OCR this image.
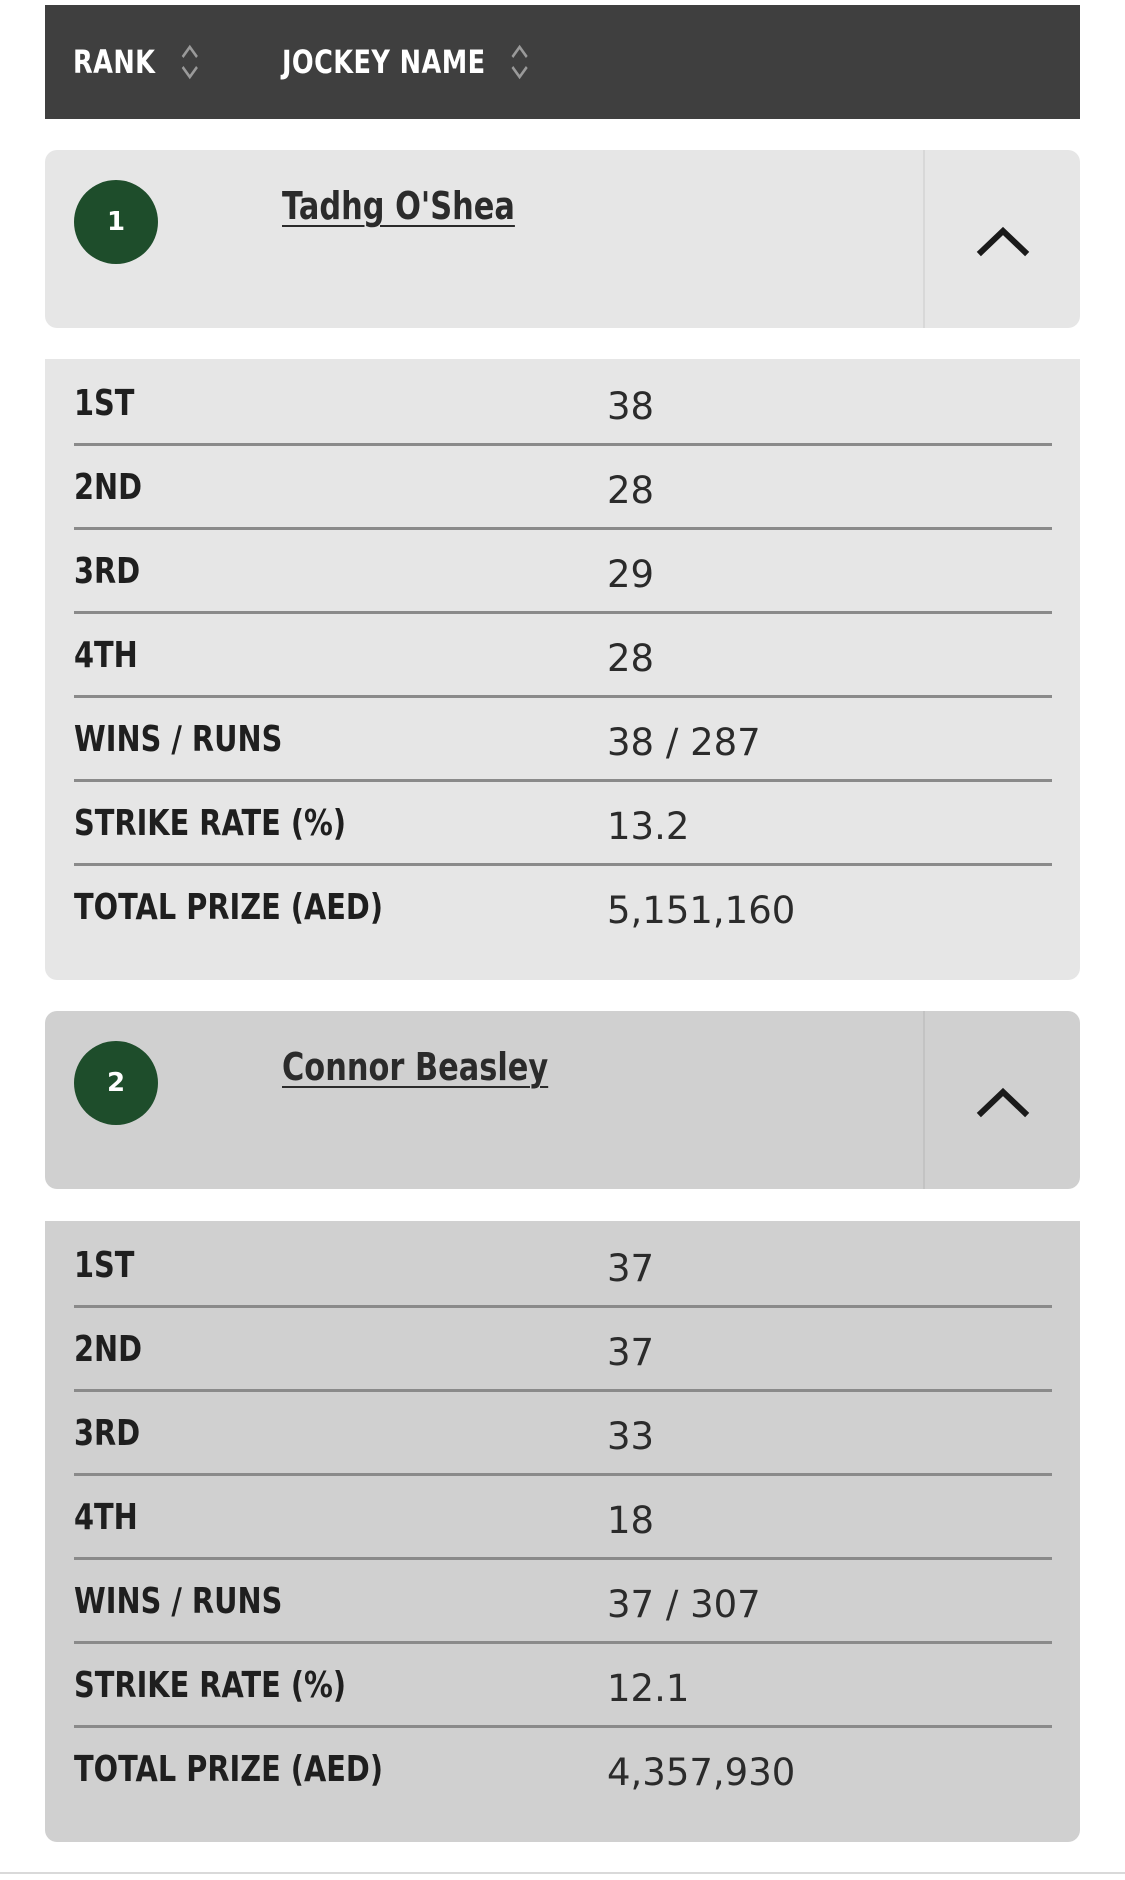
RANK	JOCKEY NAME
1	Tadhg O'Shea
1ST	38
2ND	28
3RD	29
4TH	28
WINS / RUNS	38 / 287
STRIKE RATE (%)	13.2
TOTAL PRIZE (AED)	5,151,160
2	Connor Beasley
1ST	37
2ND	37
3RD	33
4TH	18
WINS / RUNS	37 / 307
STRIKE RATE (%)	12.1
TOTAL PRIZE (AED)	4,357,930
